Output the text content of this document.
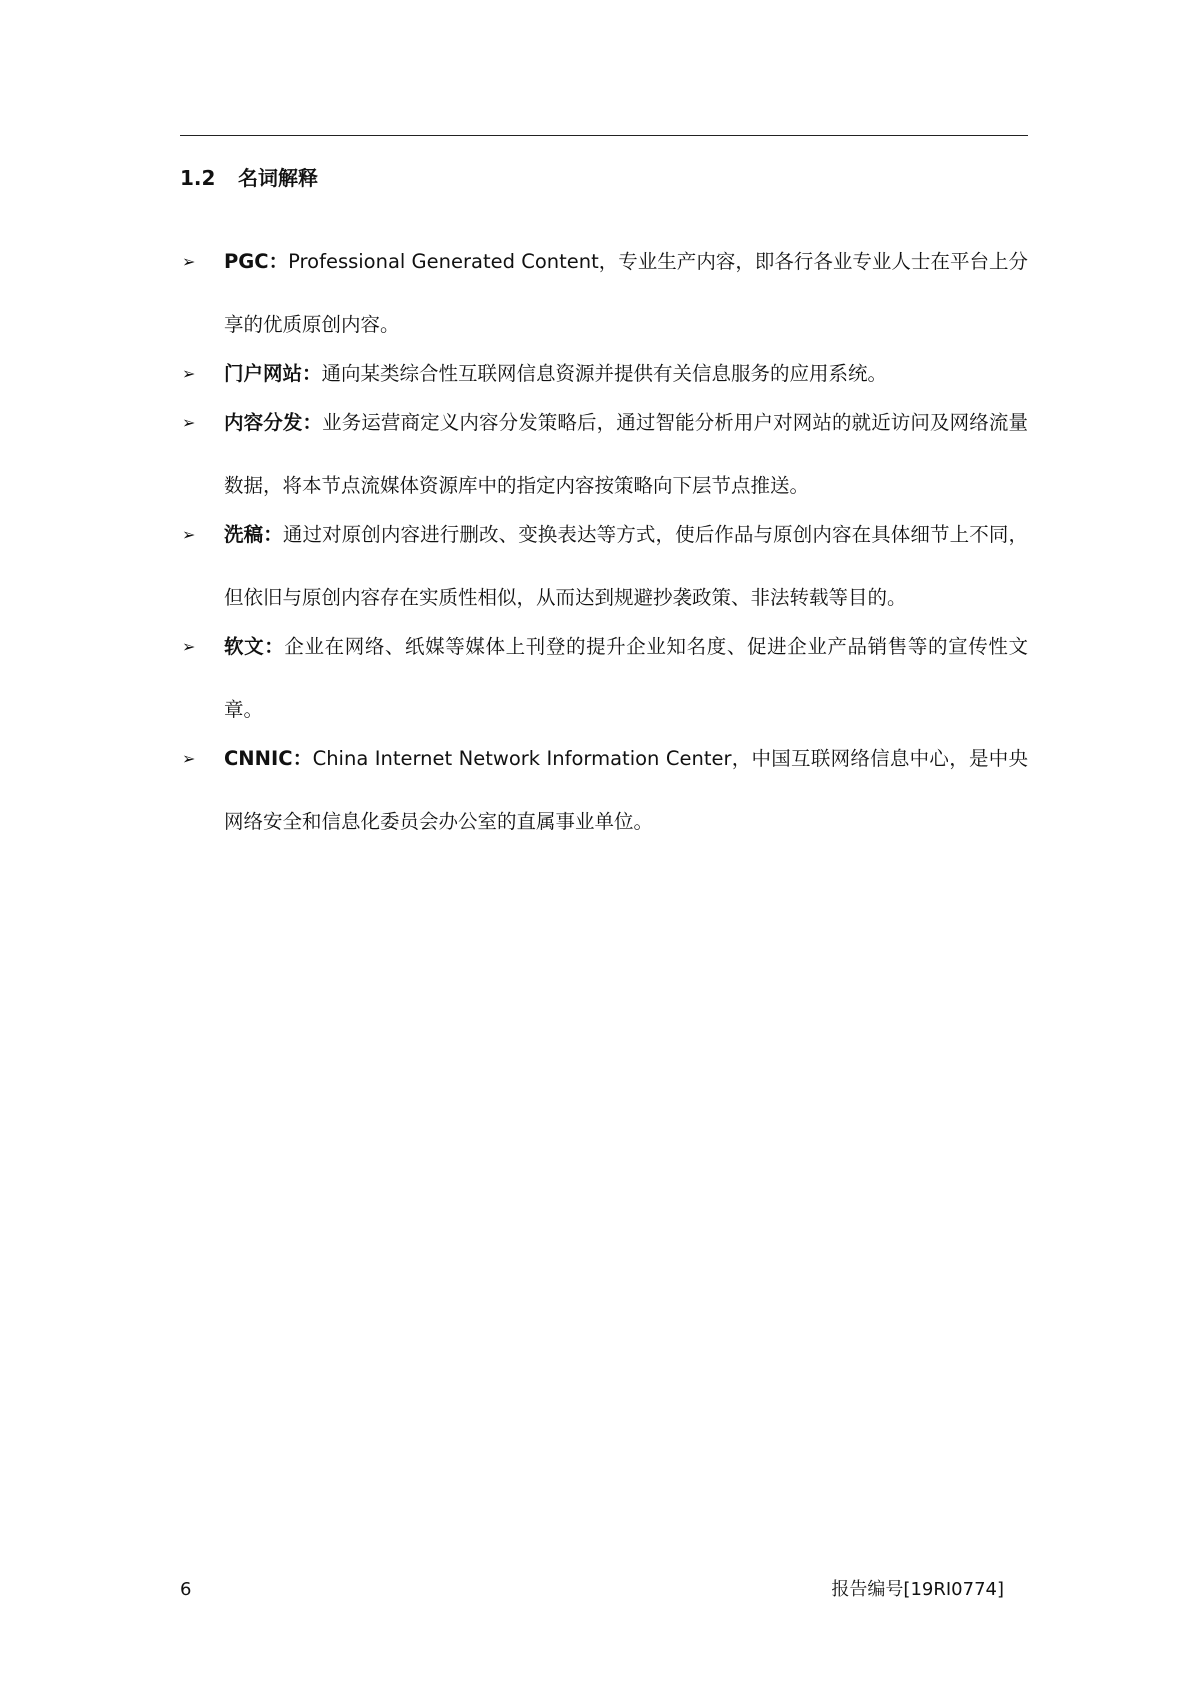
1.2 名词解释
➢ PGC：Professional Generated Content，专业生产内容，即各行各业专业人士在平台上分享的优质原创内容。
➢ 门户网站：通向某类综合性互联网信息资源并提供有关信息服务的应用系统。
➢ 内容分发：业务运营商定义内容分发策略后，通过智能分析用户对网站的就近访问及网络流量数据，将本节点流媒体资源库中的指定内容按策略向下层节点推送。
➢ 洗稿：通过对原创内容进行删改、变换表达等方式，使后作品与原创内容在具体细节上不同，但依旧与原创内容存在实质性相似，从而达到规避抄袭政策、非法转载等目的。
➢ 软文：企业在网络、纸媒等媒体上刊登的提升企业知名度、促进企业产品销售等的宣传性文章。
➢ CNNIC：China Internet Network Information Center，中国互联网络信息中心，是中央网络安全和信息化委员会办公室的直属事业单位。
6	报告编号[19RI0774]
